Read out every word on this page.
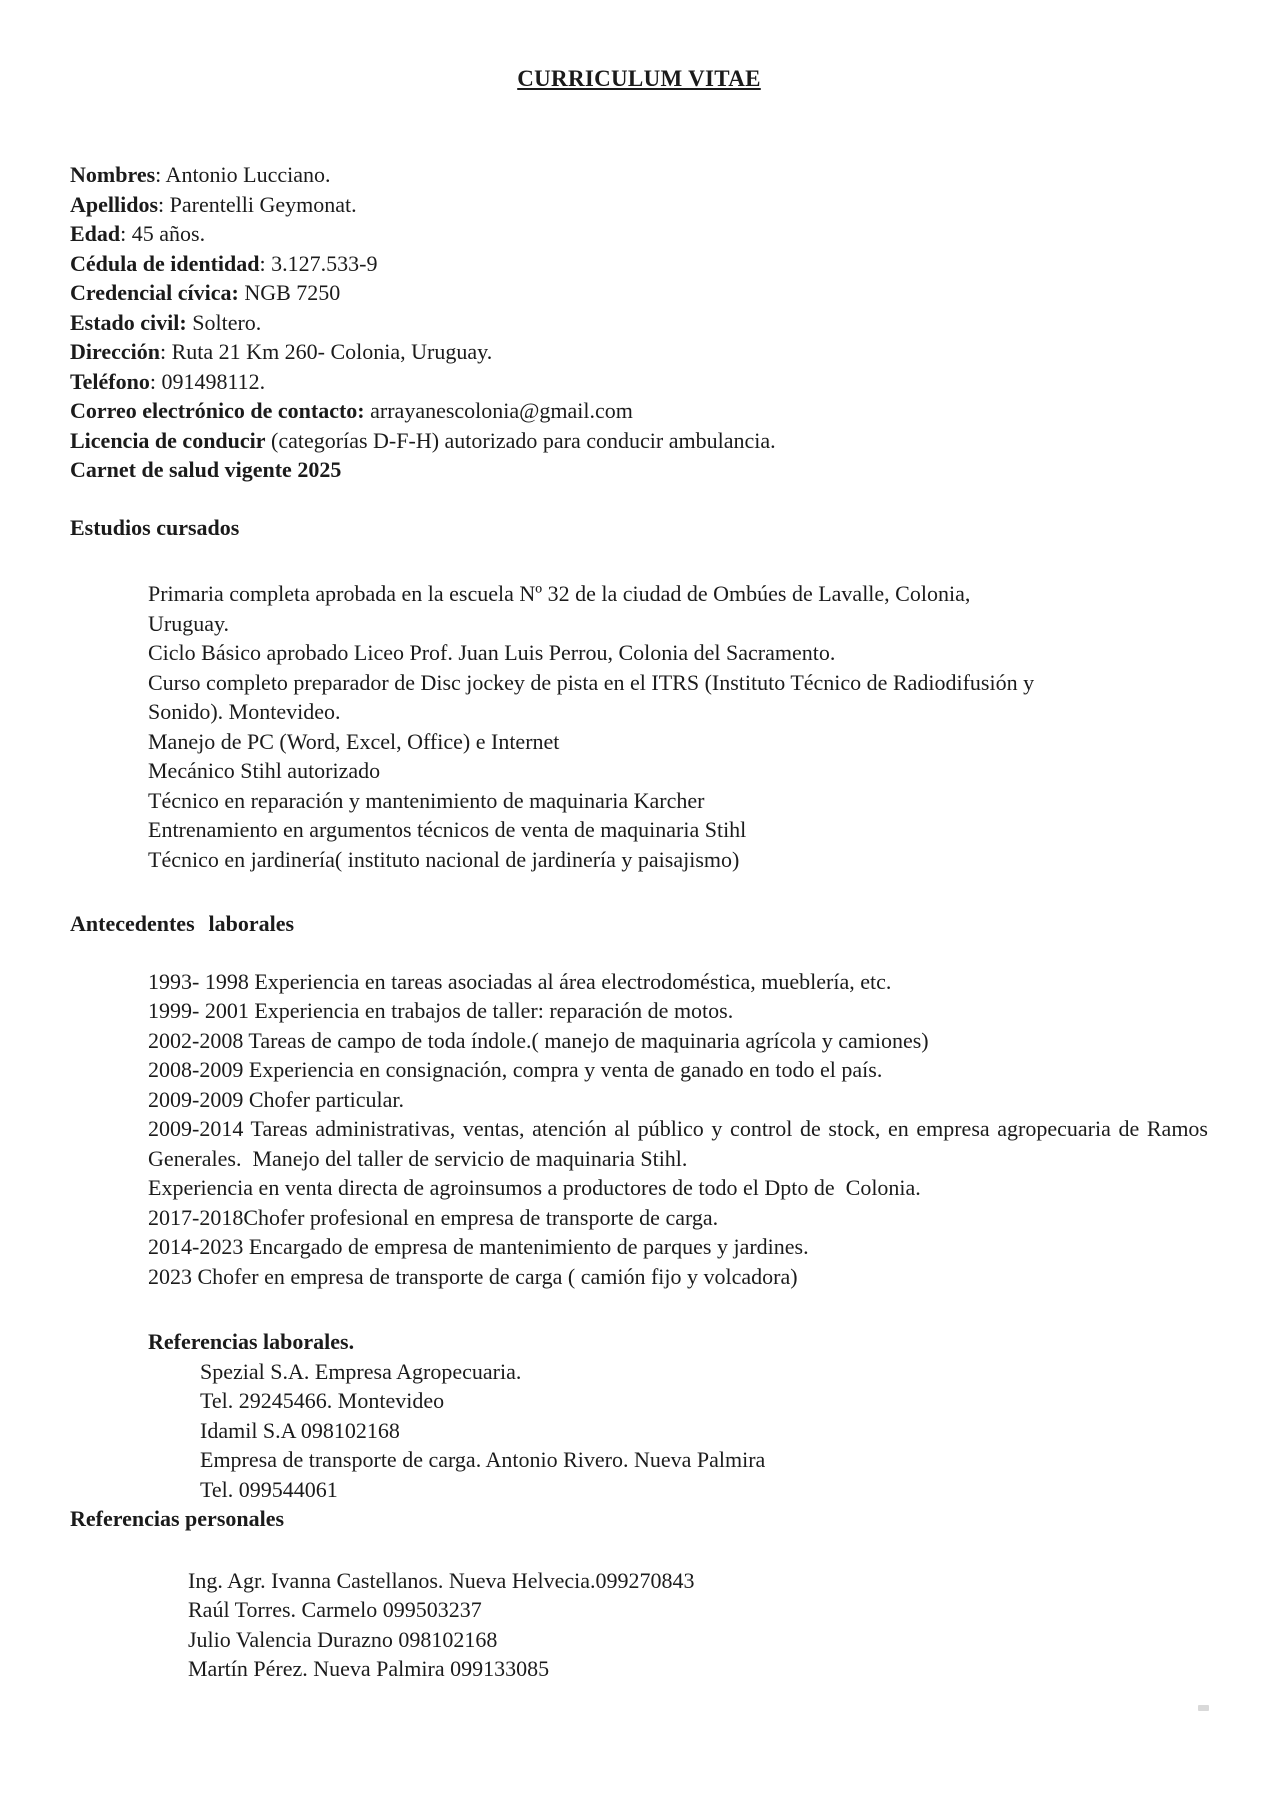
CURRICULUM VITAE
Nombres: Antonio Lucciano.
Apellidos: Parentelli Geymonat.
Edad: 45 años.
Cédula de identidad: 3.127.533-9
Credencial cívica: NGB 7250
Estado civil: Soltero.
Dirección: Ruta 21 Km 260- Colonia, Uruguay.
Teléfono: 091498112.
Correo electrónico de contacto: arrayanescolonia@gmail.com
Licencia de conducir (categorías D-F-H) autorizado para conducir ambulancia.
Carnet de salud vigente 2025
Estudios cursados
Primaria completa aprobada en la escuela Nº 32 de la ciudad de Ombúes de Lavalle, Colonia,
Uruguay.
Ciclo Básico aprobado Liceo Prof. Juan Luis Perrou, Colonia del Sacramento.
Curso completo preparador de Disc jockey de pista en el ITRS (Instituto Técnico de Radiodifusión y
Sonido). Montevideo.
Manejo de PC (Word, Excel, Office) e Internet
Mecánico Stihl autorizado
Técnico en reparación y mantenimiento de maquinaria Karcher
Entrenamiento en argumentos técnicos de venta de maquinaria Stihl
Técnico en jardinería( instituto nacional de jardinería y paisajismo)
Antecedentes laborales
1993- 1998 Experiencia en tareas asociadas al área electrodoméstica, mueblería, etc.
1999- 2001 Experiencia en trabajos de taller: reparación de motos.
2002-2008 Tareas de campo de toda índole.( manejo de maquinaria agrícola y camiones)
2008-2009 Experiencia en consignación, compra y venta de ganado en todo el país.
2009-2009 Chofer particular.
2009-2014 Tareas administrativas, ventas, atención al público y control de stock, en empresa agropecuaria de Ramos Generales.  Manejo del taller de servicio de maquinaria Stihl.
Experiencia en venta directa de agroinsumos a productores de todo el Dpto de  Colonia.
2017-2018Chofer profesional en empresa de transporte de carga.
2014-2023 Encargado de empresa de mantenimiento de parques y jardines.
2023 Chofer en empresa de transporte de carga ( camión fijo y volcadora)
Referencias laborales.
Spezial S.A. Empresa Agropecuaria.
Tel. 29245466. Montevideo
Idamil S.A 098102168
Empresa de transporte de carga. Antonio Rivero. Nueva Palmira
Tel. 099544061
Referencias personales
Ing. Agr. Ivanna Castellanos. Nueva Helvecia.099270843
Raúl Torres. Carmelo 099503237
Julio Valencia Durazno 098102168
Martín Pérez. Nueva Palmira 099133085
